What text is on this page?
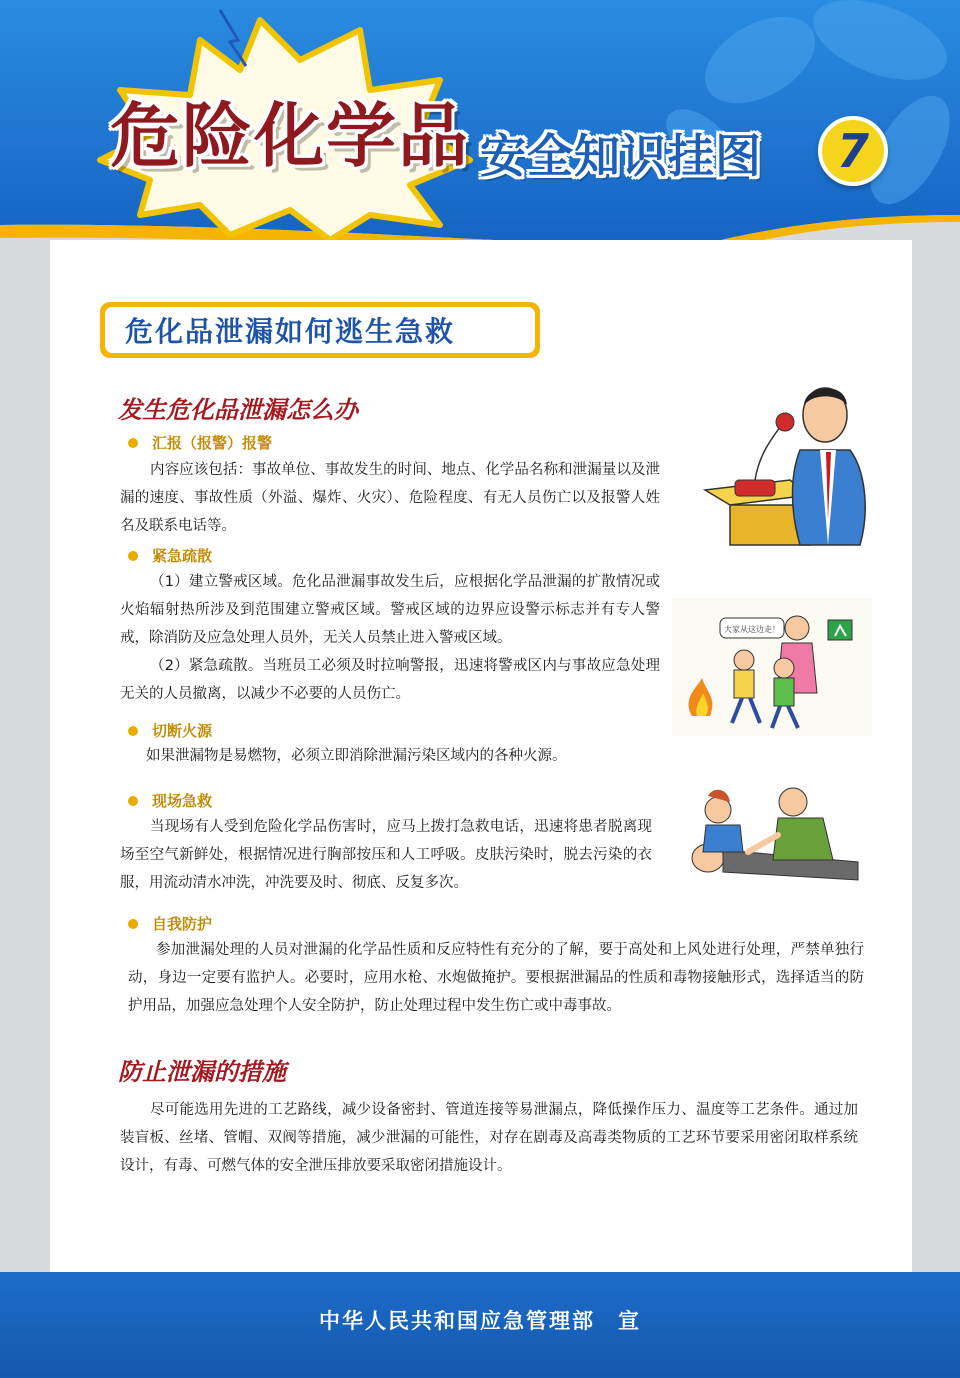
危险化学品 安全知识挂图	7
危化品泄漏如何逃生急救
发生危化品泄漏怎么办
汇报（报警）报警
内容应该包括：事故单位、事故发生的时间、地点、化学品名称和泄漏量以及泄漏的速度、事故性质（外溢、爆炸、火灾）、危险程度、有无人员伤亡以及报警人姓名及联系电话等。
紧急疏散
（1）建立警戒区域。危化品泄漏事故发生后，应根据化学品泄漏的扩散情况或火焰辐射热所涉及到范围建立警戒区域。警戒区域的边界应设警示标志并有专人警戒，除消防及应急处理人员外，无关人员禁止进入警戒区域。
（2）紧急疏散。当班员工必须及时拉响警报，迅速将警戒区内与事故应急处理无关的人员撤离，以减少不必要的人员伤亡。
切断火源
如果泄漏物是易燃物，必须立即消除泄漏污染区域内的各种火源。
现场急救
当现场有人受到危险化学品伤害时，应马上拨打急救电话，迅速将患者脱离现场至空气新鲜处，根据情况进行胸部按压和人工呼吸。皮肤污染时，脱去污染的衣服，用流动清水冲洗，冲洗要及时、彻底、反复多次。
自我防护
参加泄漏处理的人员对泄漏的化学品性质和反应特性有充分的了解，要于高处和上风处进行处理，严禁单独行动，身边一定要有监护人。必要时，应用水枪、水炮做掩护。要根据泄漏品的性质和毒物接触形式，选择适当的防护用品，加强应急处理个人安全防护，防止处理过程中发生伤亡或中毒事故。
防止泄漏的措施
尽可能选用先进的工艺路线，减少设备密封、管道连接等易泄漏点，降低操作压力、温度等工艺条件。通过加装盲板、丝堵、管帽、双阀等措施，减少泄漏的可能性，对存在剧毒及高毒类物质的工艺环节要采用密闭取样系统设计，有毒、可燃气体的安全泄压排放要采取密闭措施设计。
大家从这边走！
中华人民共和国应急管理部　宣
